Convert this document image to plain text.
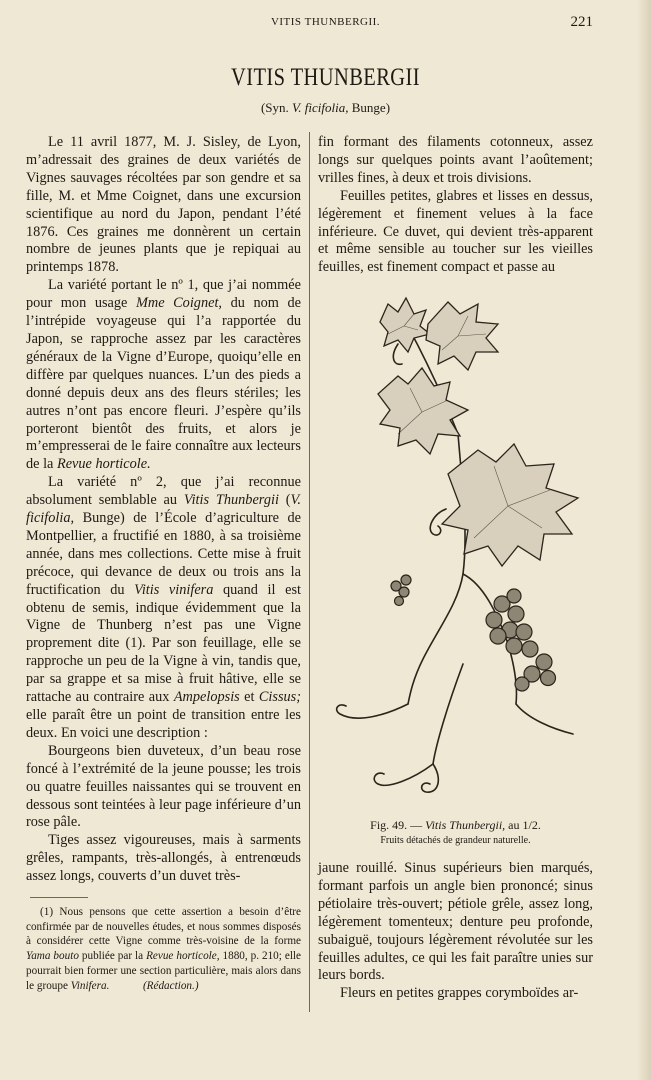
VITIS THUNBERGII.	221
VITIS THUNBERGII
(Syn. V. ficifolia, Bunge)

Le 11 avril 1877, M. J. Sisley, de Lyon, m’adressait des graines de deux variétés de Vignes sauvages récoltées par son gendre et sa fille, M. et Mme Coignet, dans une excursion scientifique au nord du Japon, pendant l’été 1876. Ces graines me donnèrent un certain nombre de jeunes plants que je repiquai au printemps 1878.

La variété portant le nº 1, que j’ai nommée pour mon usage Mme Coignet, du nom de l’intrépide voyageuse qui l’a rapportée du Japon, se rapproche assez par les caractères généraux de la Vigne d’Europe, quoiqu’elle en diffère par quelques nuances. L’un des pieds a donné depuis deux ans des fleurs stériles; les autres n’ont pas encore fleuri. J’espère qu’ils porteront bientôt des fruits, et alors je m’empresserai de le faire connaître aux lecteurs de la Revue horticole.

La variété nº 2, que j’ai reconnue absolument semblable au Vitis Thunbergii (V. ficifolia, Bunge) de l’École d’agriculture de Montpellier, a fructifié en 1880, à sa troisième année, dans mes collections. Cette mise à fruit précoce, qui devance de deux ou trois ans la fructification du Vitis vinifera quand il est obtenu de semis, indique évidemment que la Vigne de Thunberg n’est pas une Vigne proprement dite (1). Par son feuillage, elle se rapproche un peu de la Vigne à vin, tandis que, par sa grappe et sa mise à fruit hâtive, elle se rattache au contraire aux Ampelopsis et Cissus; elle paraît être un point de transition entre les deux. En voici une description :

Bourgeons bien duveteux, d’un beau rose foncé à l’extrémité de la jeune pousse; les trois ou quatre feuilles naissantes qui se trouvent en dessous sont teintées à leur page inférieure d’un rose pâle.

Tiges assez vigoureuses, mais à sarments grêles, rampants, très-allongés, à entrenœuds assez longs, couverts d’un duvet très-

(1) Nous pensons que cette assertion a besoin d’être confirmée par de nouvelles études, et nous sommes disposés à considérer cette Vigne comme très-voisine de la forme Yama bouto publiée par la Revue horticole, 1880, p. 210; elle pourrait bien former une section particulière, mais alors dans le groupe Vinifera.	(Rédaction.)

fin formant des filaments cotonneux, assez longs sur quelques points avant l’aoûtement; vrilles fines, à deux et trois divisions.

Feuilles petites, glabres et lisses en dessus, légèrement et finement velues à la face inférieure. Ce duvet, qui devient très-apparent et même sensible au toucher sur les vieilles feuilles, est finement compact et passe au

Fig. 49. — Vitis Thunbergii, au 1/2.
Fruits détachés de grandeur naturelle.

jaune rouillé. Sinus supérieurs bien marqués, formant parfois un angle bien prononcé; sinus pétiolaire très-ouvert; pétiole grêle, assez long, légèrement tomenteux; denture peu profonde, subaiguë, toujours légèrement révolutée sur les feuilles adultes, ce qui les fait paraître unies sur leurs bords.

Fleurs en petites grappes corymboïdes ar-
